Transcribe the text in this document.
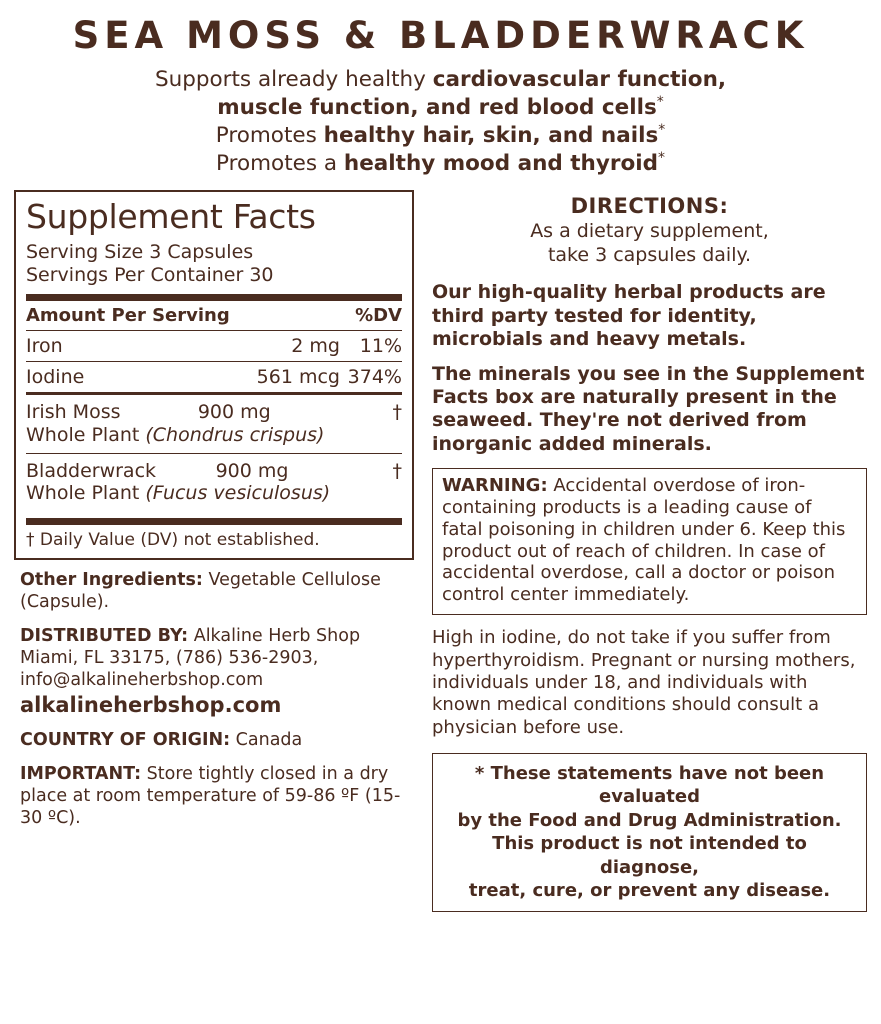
SEA MOSS & BLADDERWRACK
Supports already healthy cardiovascular function,
muscle function, and red blood cells*
Promotes healthy hair, skin, and nails*
Promotes a healthy mood and thyroid*
Supplement Facts
Serving Size 3 Capsules
Servings Per Container 30
Amount Per Serving	%DV
Iron	2 mg	11%
Iodine	561 mcg 374%
Irish Moss	900 mg	†
Whole Plant (Chondrus crispus)
Bladderwrack	900 mg	†
Whole Plant (Fucus vesiculosus)
† Daily Value (DV) not established.

Other Ingredients: Vegetable Cellulose (Capsule).

DISTRIBUTED BY: Alkaline Herb Shop
Miami, FL 33175, (786) 536-2903,
info@alkalineherbshop.com
alkalineherbshop.com

COUNTRY OF ORIGIN: Canada

IMPORTANT: Store tightly closed in a dry place at room temperature of 59-86 ºF (15-30 ºC).

DIRECTIONS:
As a dietary supplement,
take 3 capsules daily.

Our high-quality herbal products are third party tested for identity, microbials and heavy metals.

The minerals you see in the Supplement Facts box are naturally present in the seaweed. They're not derived from inorganic added minerals.

WARNING: Accidental overdose of iron-containing products is a leading cause of fatal poisoning in children under 6. Keep this product out of reach of children. In case of accidental overdose, call a doctor or poison control center immediately.

High in iodine, do not take if you suffer from hyperthyroidism. Pregnant or nursing mothers, individuals under 18, and individuals with known medical conditions should consult a physician before use.

* These statements have not been evaluated
by the Food and Drug Administration.
This product is not intended to diagnose,
treat, cure, or prevent any disease.
